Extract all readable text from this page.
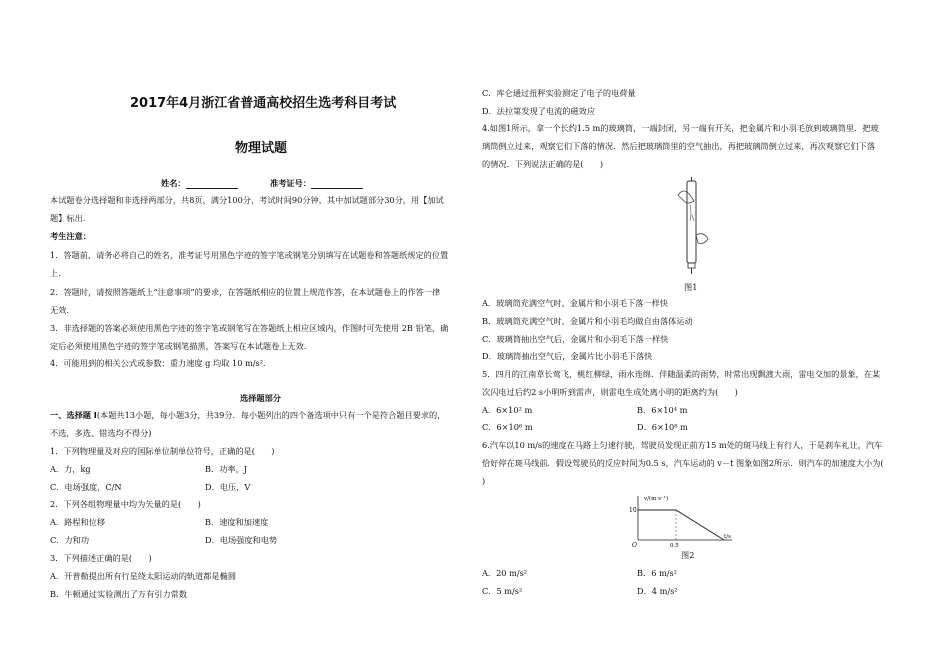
2017年4月浙江省普通高校招生选考科目考试
物理试题
姓名：	准考证号：
本试题卷分选择题和非选择两部分，共8页，满分100分，考试时间90分钟，其中加试题部分30分，用【加试
题】标出.
考生注意：
1．答题前，请务必将自己的姓名，准考证号用黑色字迹的签字笔或钢笔分别填写在试题卷和答题纸规定的位置
上.
2．答题时，请按照答题纸上“注意事项”的要求，在答题纸相应的位置上规范作答，在本试题卷上的作答一律
无效.
3．非选择题的答案必须使用黑色字迹的签字笔或钢笔写在答题纸上相应区域内，作图时可先使用 2B 铅笔，确
定后必须使用黑色字迹的签字笔或钢笔描黑，答案写在本试题卷上无效.
4．可能用到的相关公式或参数：重力速度 g 均取 10 m/s².
选择题部分
一、选择题 I(本题共13小题，每小题3分，共39分．每小题列出的四个备选项中只有一个是符合题目要求的，
不选，多选、错选均不得分)
1．下列物理量及对应的国际单位制单位符号，正确的是(　　)
A．力，kg	B．功率，J
C．电场强度，C/N	D．电压，V
2．下列各组物理量中均为矢量的是(　　)
A．路程和位移	B．速度和加速度
C．力和功	D．电场强度和电势
3．下列描述正确的是(　　)
A．开普勒提出所有行星绕太阳运动的轨道都是椭圆
B．牛顿通过实验测出了万有引力常数
C．库仑通过扭秤实验测定了电子的电荷量
D．法拉第发现了电流的磁效应
4.如图1所示，拿一个长约1.5 m的玻璃筒，一端封闭，另一端有开关，把金属片和小羽毛放到玻璃筒里．把玻
璃筒倒立过来，观察它们下落的情况．然后把玻璃筒里的空气抽出，再把玻璃筒倒立过来，再次观察它们下落
的情况．下列说法正确的是(　　)
图1
A．玻璃筒充满空气时，金属片和小羽毛下落一样快
B．玻璃筒充满空气时，金属片和小羽毛均做自由落体运动
C．玻璃筒抽出空气后，金属片和小羽毛下落一样快
D．玻璃筒抽出空气后，金属片比小羽毛下落快
5．四月的江南草长莺飞，桃红柳绿，雨水连绵．伴随温柔的雨势，时常出现飘渡大雨，雷电交加的景象，在某
次闪电过后约2 s小明听到雷声，则雷电生成处离小明的距离约为(　　)
A．6×10² m	B．6×10⁴ m
C．6×10⁶ m	D．6×10⁸ m
6.汽车以10 m/s的速度在马路上匀速行驶，驾驶员发现正前方15 m处的斑马线上有行人，于是刹车礼让，汽车
恰好停在斑马线前．假设驾驶员的反应时间为0.5 s，汽车运动的 v－t 图象如图2所示．则汽车的加速度大小为(
)
v/(m·s⁻¹)
10
0.5
t/s
O
图2
A．20 m/s²	B．6 m/s²
C．5 m/s²	D．4 m/s²
